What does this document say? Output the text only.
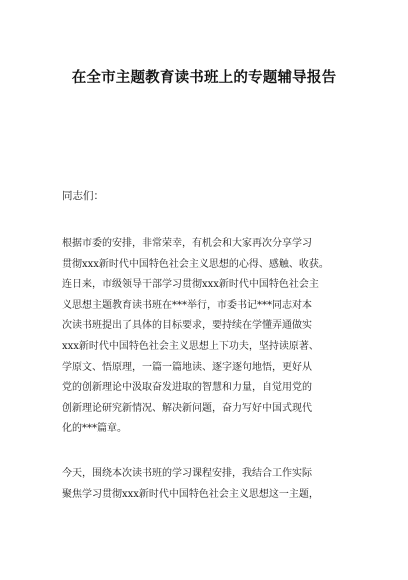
在全市主题教育读书班上的专题辅导报告
同志们：
根据市委的安排，非常荣幸，有机会和大家再次分享学习
贯彻xxx新时代中国特色社会主义思想的心得、感触、收获。
连日来，市级领导干部学习贯彻xxx新时代中国特色社会主
义思想主题教育读书班在***举行，市委书记***同志对本
次读书班提出了具体的目标要求，要持续在学懂弄通做实
xxx新时代中国特色社会主义思想上下功夫，坚持读原著、
学原文、悟原理，一篇一篇地读、逐字逐句地悟，更好从
党的创新理论中汲取奋发进取的智慧和力量，自觉用党的
创新理论研究新情况、解决新问题，奋力写好中国式现代
化的***篇章。
今天，围绕本次读书班的学习课程安排，我结合工作实际
聚焦学习贯彻xxx新时代中国特色社会主义思想这一主题，
